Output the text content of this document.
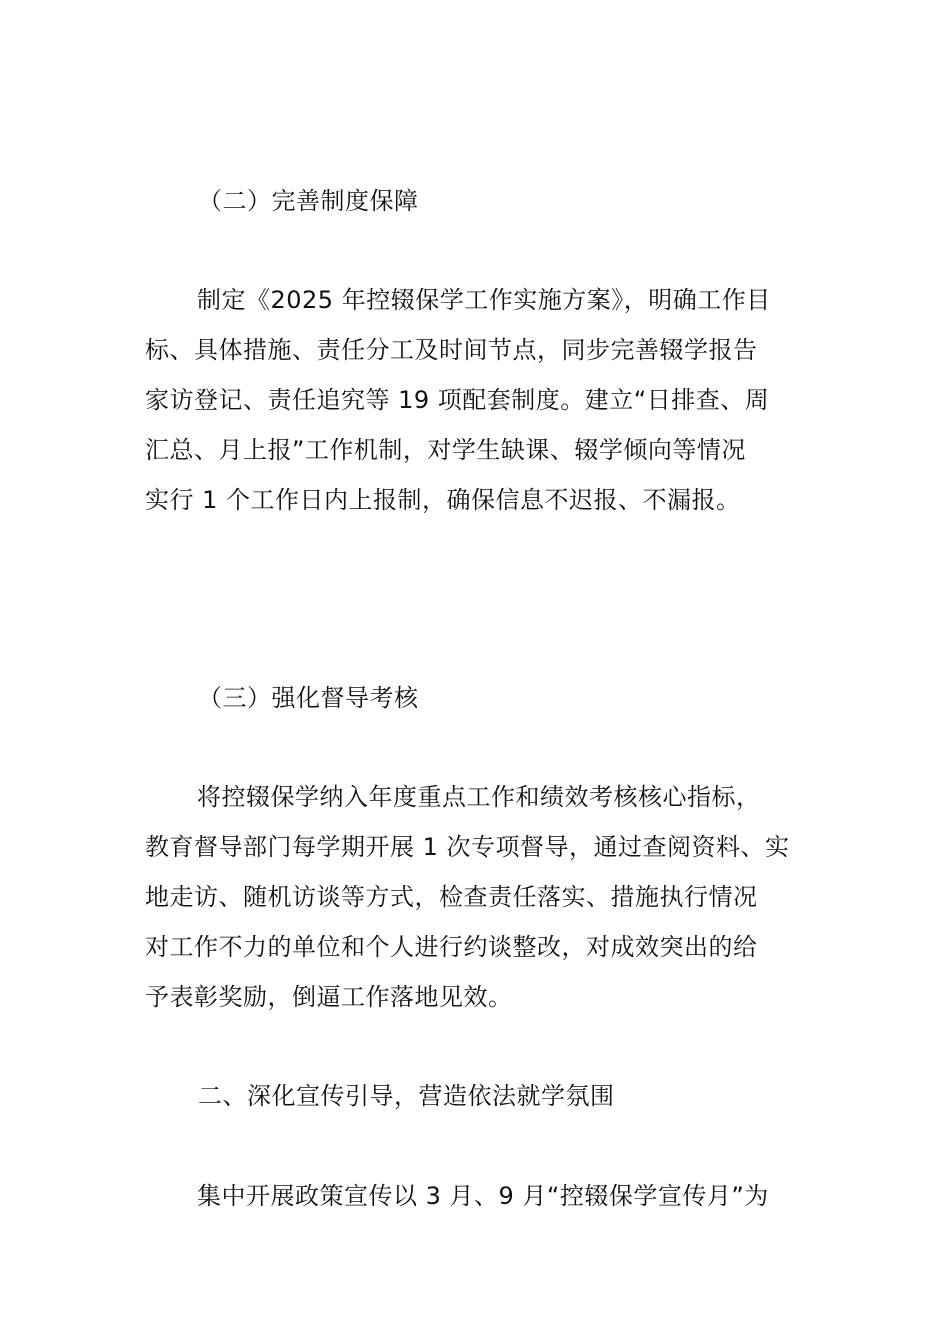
（二）完善制度保障
制定《2025 年控辍保学工作实施方案》，明确工作目
标、具体措施、责任分工及时间节点，同步完善辍学报告
家访登记、责任追究等 19 项配套制度。建立“日排查、周
汇总、月上报”工作机制，对学生缺课、辍学倾向等情况
实行 1 个工作日内上报制，确保信息不迟报、不漏报。
（三）强化督导考核
将控辍保学纳入年度重点工作和绩效考核核心指标，
教育督导部门每学期开展 1 次专项督导，通过查阅资料、实
地走访、随机访谈等方式，检查责任落实、措施执行情况
对工作不力的单位和个人进行约谈整改，对成效突出的给
予表彰奖励，倒逼工作落地见效。
二、深化宣传引导，营造依法就学氛围
集中开展政策宣传以 3 月、9 月“控辍保学宣传月”为
